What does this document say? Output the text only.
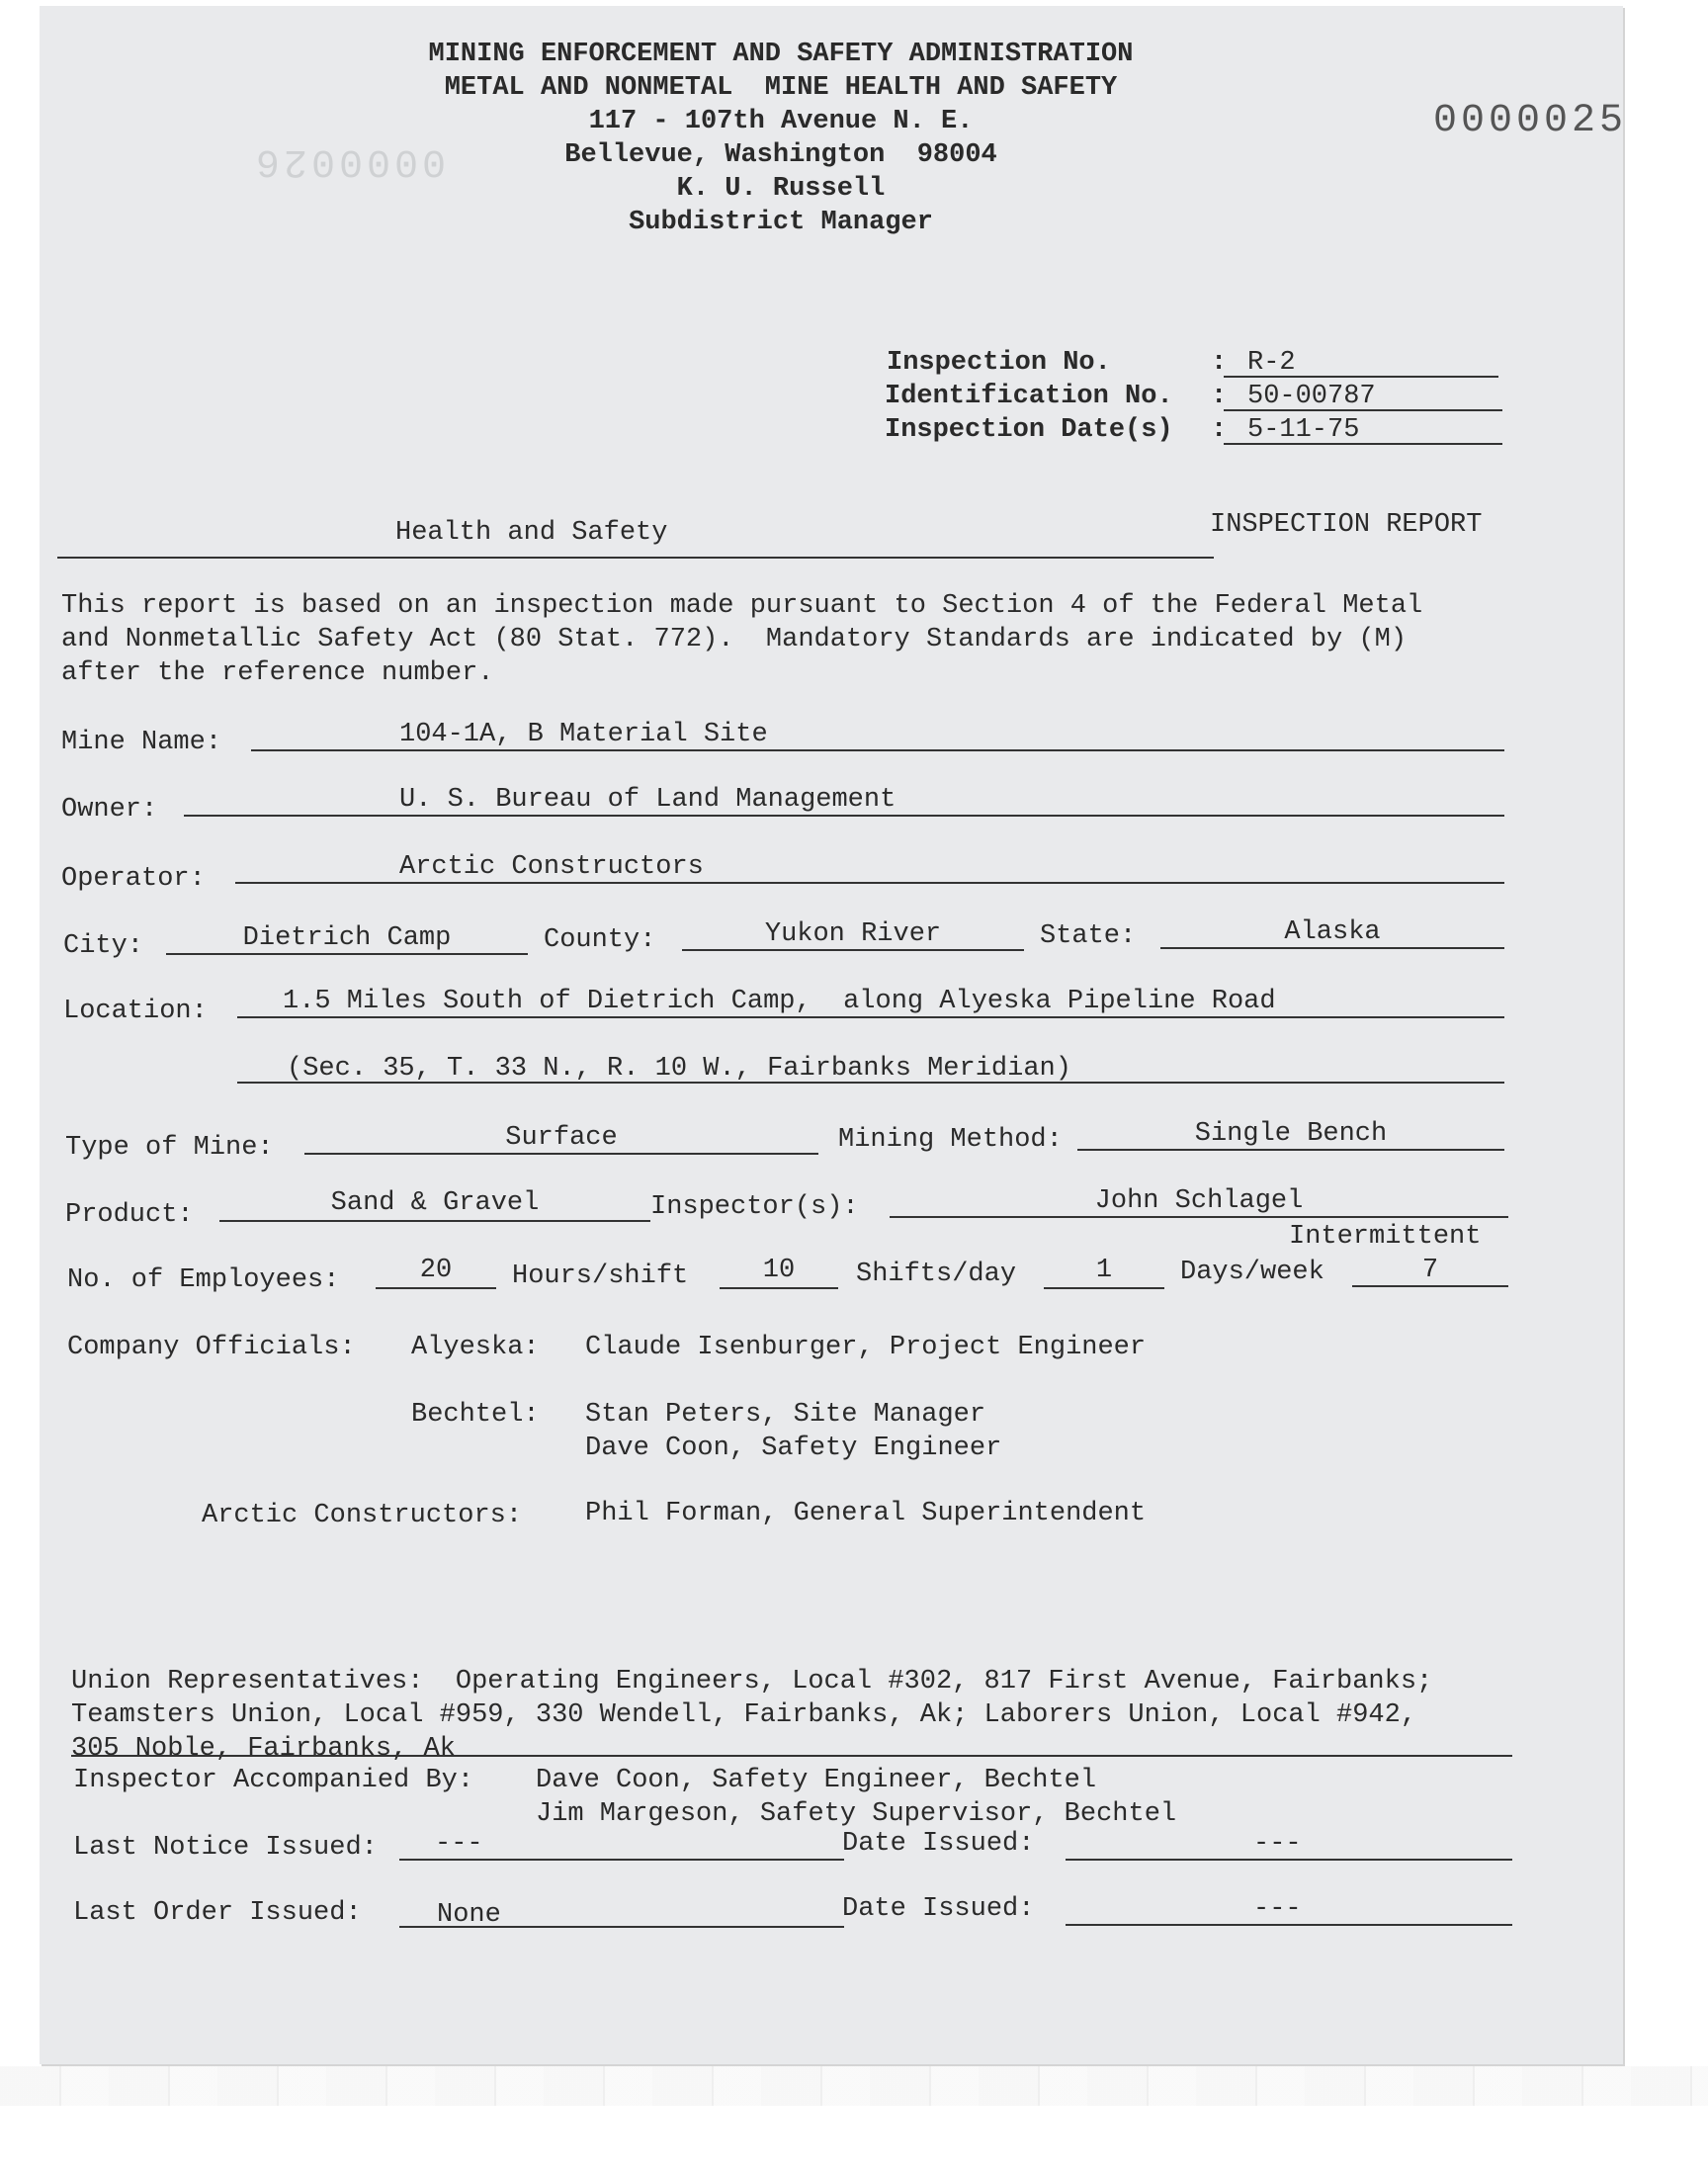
MINING ENFORCEMENT AND SAFETY ADMINISTRATION
METAL AND NONMETAL  MINE HEALTH AND SAFETY
117 - 107th Avenue N. E.
Bellevue, Washington  98004
K. U. Russell
Subdistrict Manager
0000025
0000026
Inspection No.	: R-2
Identification No. : 50-00787
Inspection Date(s) : 5-11-75
Health and Safety	INSPECTION REPORT
This report is based on an inspection made pursuant to Section 4 of the Federal Metal
and Nonmetallic Safety Act (80 Stat. 772).  Mandatory Standards are indicated by (M)
after the reference number.
Mine Name:	104-1A, B Material Site
Owner:	U. S. Bureau of Land Management
Operator:	Arctic Constructors
City:	Dietrich Camp	County:	Yukon River	State:	Alaska
Location:	1.5 Miles South of Dietrich Camp,  along Alyeska Pipeline Road
(Sec. 35, T. 33 N., R. 10 W., Fairbanks Meridian)
Type of Mine:	Surface	Mining Method:	Single Bench
Product:	Sand & Gravel	Inspector(s):	John Schlagel
Intermittent
No. of Employees:	20	Hours/shift	10	Shifts/day	1	Days/week	7
Company Officials: Alyeska: Claude Isenburger, Project Engineer
Bechtel: Stan Peters, Site Manager
Dave Coon, Safety Engineer
Arctic Constructors: Phil Forman, General Superintendent
Union Representatives:  Operating Engineers, Local #302, 817 First Avenue, Fairbanks;
Teamsters Union, Local #959, 330 Wendell, Fairbanks, Ak; Laborers Union, Local #942,
305 Noble, Fairbanks, Ak
Inspector Accompanied By: Dave Coon, Safety Engineer, Bechtel
Jim Margeson, Safety Supervisor, Bechtel
Last Notice Issued:	---	Date Issued:	---
Last Order Issued:	None	Date Issued:	---
